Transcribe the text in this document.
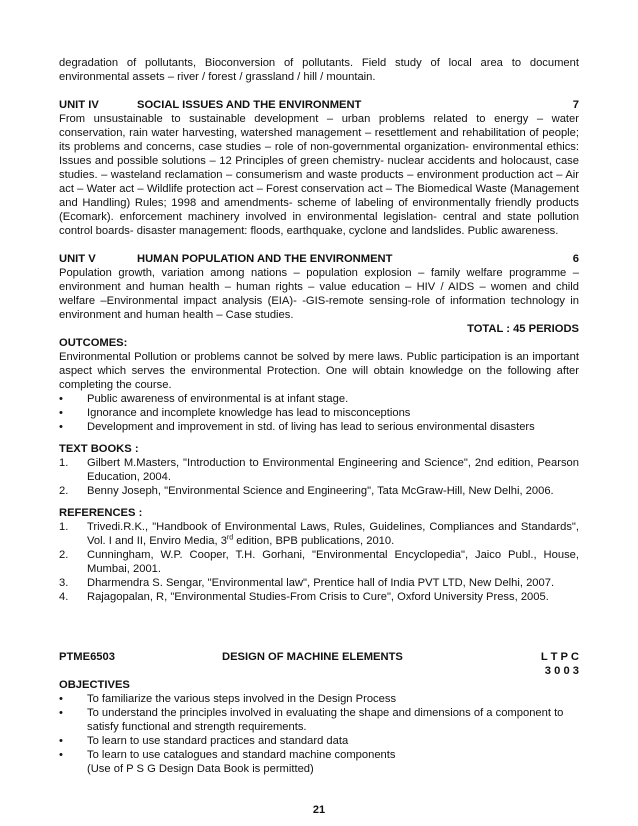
degradation of pollutants, Bioconversion of pollutants. Field study of local area to document environmental assets – river / forest / grassland / hill / mountain.

UNIT IV	SOCIAL ISSUES AND THE ENVIRONMENT	7

From unsustainable to sustainable development – urban problems related to energy – water conservation, rain water harvesting, watershed management – resettlement and rehabilitation of people; its problems and concerns, case studies – role of non-governmental organization- environmental ethics: Issues and possible solutions – 12 Principles of green chemistry- nuclear accidents and holocaust, case studies. – wasteland reclamation – consumerism and waste products – environment production act – Air act – Water act – Wildlife protection act – Forest conservation act – The Biomedical Waste (Management and Handling) Rules; 1998 and amendments- scheme of labeling of environmentally friendly products (Ecomark). enforcement machinery involved in environmental legislation- central and state pollution control boards- disaster management: floods, earthquake, cyclone and landslides. Public awareness.

UNIT V	HUMAN POPULATION AND THE ENVIRONMENT	6

Population growth, variation among nations – population explosion – family welfare programme – environment and human health – human rights – value education – HIV / AIDS – women and child welfare –Environmental impact analysis (EIA)- -GIS-remote sensing-role of information technology in environment and human health – Case studies.

TOTAL : 45 PERIODS

OUTCOMES:

Environmental Pollution or problems cannot be solved by mere laws. Public participation is an important aspect which serves the environmental Protection. One will obtain knowledge on the following after completing the course.

•	Public awareness of environmental is at infant stage.
•	Ignorance and incomplete knowledge has lead to misconceptions
•	Development and improvement in std. of living has lead to serious environmental disasters

TEXT BOOKS :

1.	Gilbert M.Masters, "Introduction to Environmental Engineering and Science", 2nd edition, Pearson Education, 2004.
2.	Benny Joseph, "Environmental Science and Engineering", Tata McGraw-Hill, New Delhi, 2006.

REFERENCES :

1.	Trivedi.R.K., "Handbook of Environmental Laws, Rules, Guidelines, Compliances and Standards", Vol. I and II, Enviro Media, 3rd edition, BPB publications, 2010.
2.	Cunningham, W.P. Cooper, T.H. Gorhani, "Environmental Encyclopedia", Jaico Publ., House, Mumbai, 2001.
3.	Dharmendra S. Sengar, "Environmental law", Prentice hall of India PVT LTD, New Delhi, 2007.
4.	Rajagopalan, R, "Environmental Studies-From Crisis to Cure", Oxford University Press, 2005.
PTME6503	DESIGN OF MACHINE ELEMENTS	L T P C
3 0 0 3

OBJECTIVES

•	To familiarize the various steps involved in the Design Process
•	To understand the principles involved in evaluating the shape and dimensions of a component to satisfy functional and strength requirements.
•	To learn to use standard practices and standard data
•	To learn to use catalogues and standard machine components
(Use of P S G Design Data Book is permitted)
21
